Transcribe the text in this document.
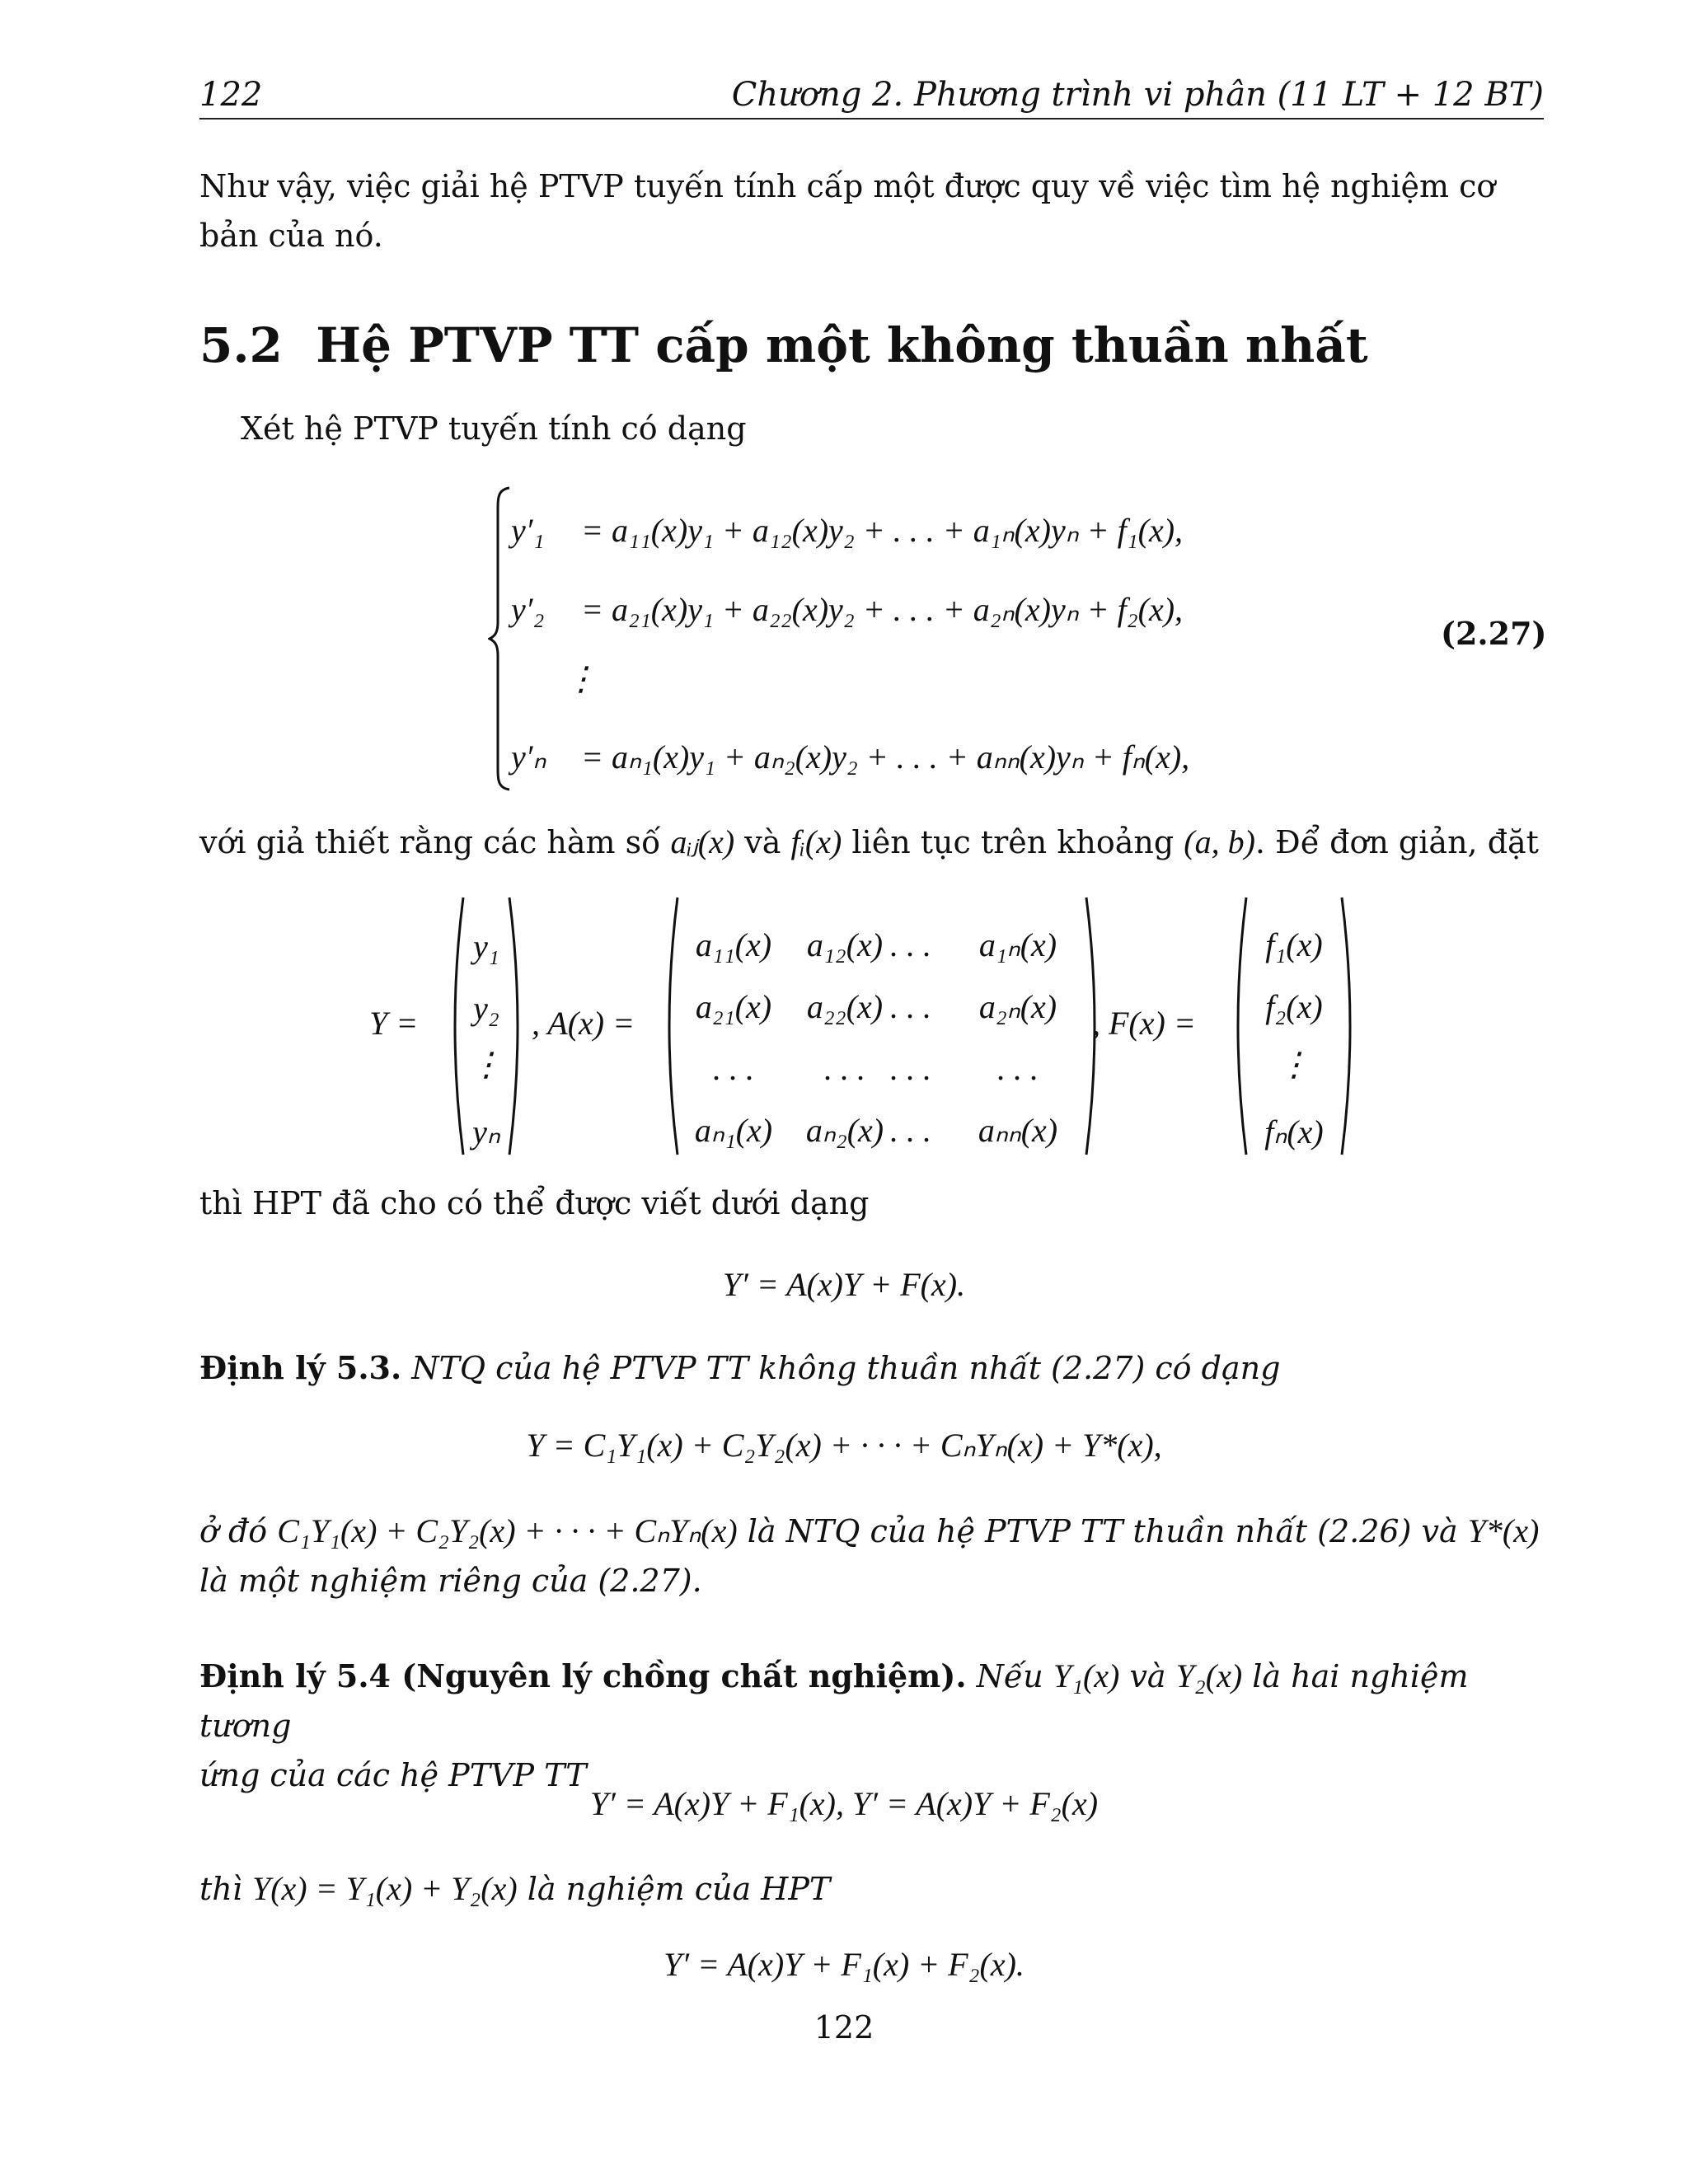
122	Chương 2. Phương trình vi phân (11 LT + 12 BT)
Như vậy, việc giải hệ PTVP tuyến tính cấp một được quy về việc tìm hệ nghiệm cơ bản của nó.
5.2 Hệ PTVP TT cấp một không thuần nhất
Xét hệ PTVP tuyến tính có dạng
y′₁ = a₁₁(x)y₁ + a₁₂(x)y₂ + . . . + a₁ₙ(x)yₙ + f₁(x),
y′₂ = a₂₁(x)y₁ + a₂₂(x)y₂ + . . . + a₂ₙ(x)yₙ + f₂(x),
⋮
y′ₙ = aₙ₁(x)y₁ + aₙ₂(x)y₂ + . . . + aₙₙ(x)yₙ + fₙ(x),
(2.27)
với giả thiết rằng các hàm số aᵢⱼ(x) và fᵢ(x) liên tục trên khoảng (a, b). Để đơn giản, đặt
Y =
y₁
y₂
⋮
yₙ
, A(x) =
a₁₁(x)	a₁₂(x) . . .	a₁ₙ(x)
a₂₁(x)	a₂₂(x) . . .	a₂ₙ(x)
. . .	. . . . . .	. . .
aₙ₁(x)	aₙ₂(x) . . .	aₙₙ(x)
, F(x) =
f₁(x)
f₂(x)
⋮
fₙ(x)
thì HPT đã cho có thể được viết dưới dạng
Y′ = A(x)Y + F(x).
Định lý 5.3. NTQ của hệ PTVP TT không thuần nhất (2.27) có dạng
Y = C₁Y₁(x) + C₂Y₂(x) + · · · + CₙYₙ(x) + Y*(x),
ở đó C₁Y₁(x) + C₂Y₂(x) + · · · + CₙYₙ(x) là NTQ của hệ PTVP TT thuần nhất (2.26) và Y*(x)
là một nghiệm riêng của (2.27).
Định lý 5.4 (Nguyên lý chồng chất nghiệm). Nếu Y₁(x) và Y₂(x) là hai nghiệm tương
ứng của các hệ PTVP TT
Y′ = A(x)Y + F₁(x), Y′ = A(x)Y + F₂(x)
thì Y(x) = Y₁(x) + Y₂(x) là nghiệm của HPT
Y′ = A(x)Y + F₁(x) + F₂(x).
122
